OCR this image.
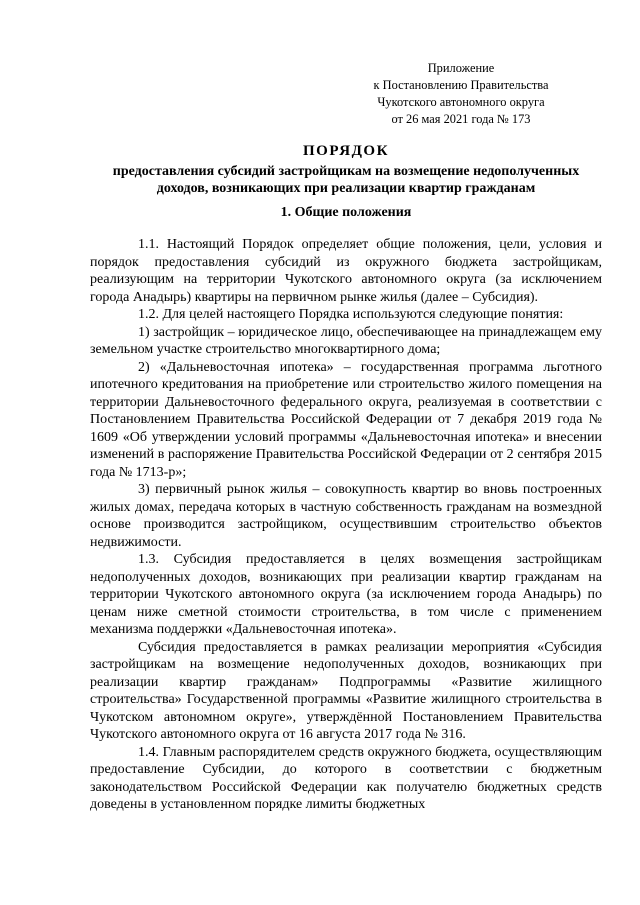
Приложение
к Постановлению Правительства
Чукотского автономного округа
от 26 мая 2021 года № 173
ПОРЯДОК
предоставления субсидий застройщикам на возмещение недополученных доходов, возникающих при реализации квартир гражданам
1. Общие положения

1.1. Настоящий Порядок определяет общие положения, цели, условия и порядок предоставления субсидий из окружного бюджета застройщикам, реализующим на территории Чукотского автономного округа (за исключением города Анадырь) квартиры на первичном рынке жилья (далее – Субсидия).

1.2. Для целей настоящего Порядка используются следующие понятия:

1) застройщик – юридическое лицо, обеспечивающее на принадлежащем ему земельном участке строительство многоквартирного дома;

2) «Дальневосточная ипотека» – государственная программа льготного ипотечного кредитования на приобретение или строительство жилого помещения на территории Дальневосточного федерального округа, реализуемая в соответствии с Постановлением Правительства Российской Федерации от 7 декабря 2019 года № 1609 «Об утверждении условий программы «Дальневосточная ипотека» и внесении изменений в распоряжение Правительства Российской Федерации от 2 сентября 2015 года № 1713-р»;

3) первичный рынок жилья – совокупность квартир во вновь построенных жилых домах, передача которых в частную собственность гражданам на возмездной основе производится застройщиком, осуществившим строительство объектов недвижимости.

1.3. Субсидия предоставляется в целях возмещения застройщикам недополученных доходов, возникающих при реализации квартир гражданам на территории Чукотского автономного округа (за исключением города Анадырь) по ценам ниже сметной стоимости строительства, в том числе с применением механизма поддержки «Дальневосточная ипотека».

Субсидия предоставляется в рамках реализации мероприятия «Субсидия застройщикам на возмещение недополученных доходов, возникающих при реализации квартир гражданам» Подпрограммы «Развитие жилищного строительства» Государственной программы «Развитие жилищного строительства в Чукотском автономном округе», утверждённой Постановлением Правительства Чукотского автономного округа от 16 августа 2017 года № 316.

1.4. Главным распорядителем средств окружного бюджета, осуществляющим предоставление Субсидии, до которого в соответствии с бюджетным законодательством Российской Федерации как получателю бюджетных средств доведены в установленном порядке лимиты бюджетных
